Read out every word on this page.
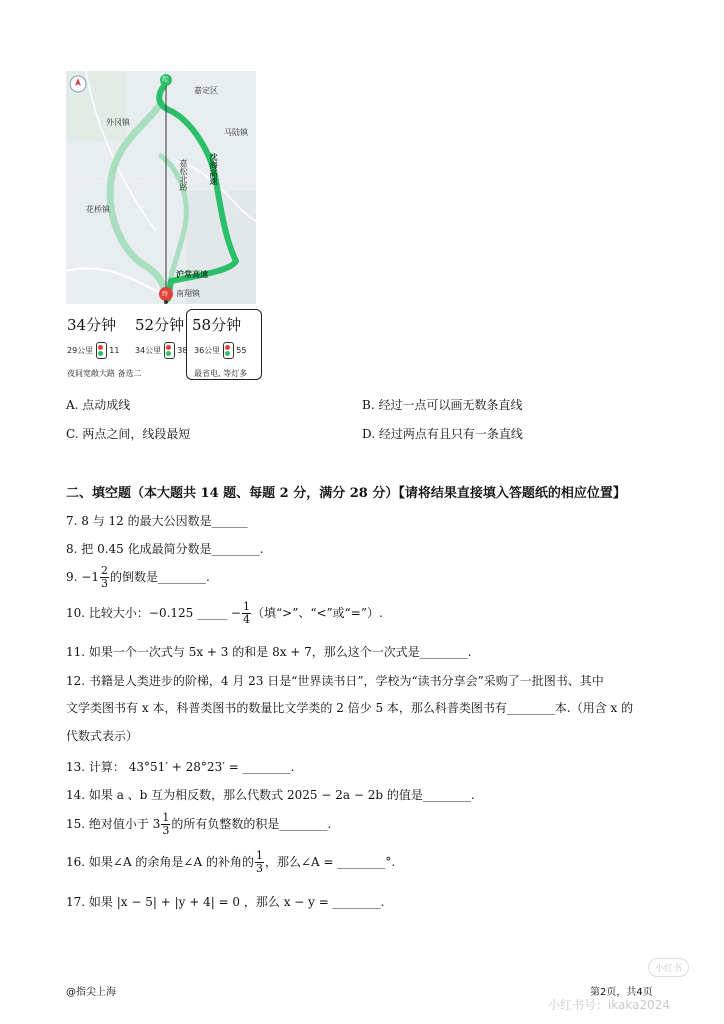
起
嘉定区
外冈镇
马陆镇
嘉松北路	沈海高速
花桥镇
沪常高速
南翔镇
终
34分钟 52分钟 58分钟
29公里 11 34公里 38 36公里 55
夜间宽敞大路 备选二	最省电, 等灯多
A. 点动成线	B. 经过一点可以画无数条直线
C. 两点之间，线段最短	D. 经过两点有且只有一条直线
二、填空题（本大题共 14 题、每题 2 分，满分 28 分）【请将结果直接填入答题纸的相应位置】
7. 8 与 12 的最大公因数是______
8. 把 0.45 化成最简分数是________.
9. $-1 \frac{2}{3}$ 的倒数是________.
10. 比较大小：−0.125 _____ − $\frac{1}{4}$ （填“>”、“<”或“=”）.
11. 如果一个一次式与 5x + 3 的和是 8x + 7，那么这个一次式是________.
12. 书籍是人类进步的阶梯，4 月 23 日是“世界读书日”，学校为“读书分享会”采购了一批图书、其中
文学类图书有 x 本，科普类图书的数量比文学类的 2 倍少 5 本，那么科普类图书有________本.（用含 x 的
代数式表示）
13. 计算： 43°51′ + 28°23′ = ________.
14. 如果 a 、b 互为相反数，那么代数式 2025 − 2a − 2b 的值是________.
15. 绝对值小于 $3 \frac{1}{3}$ 的所有负整数的积是________.
16. 如果∠A 的余角是∠A 的补角的 $\frac{1}{3}$ ，那么∠A = ________°.
17. 如果 |x − 5| + |y + 4| = 0 ，那么 x − y = ________.
@指尖上海	第2页，共4页
小红书
小红书号：ikaka2024
